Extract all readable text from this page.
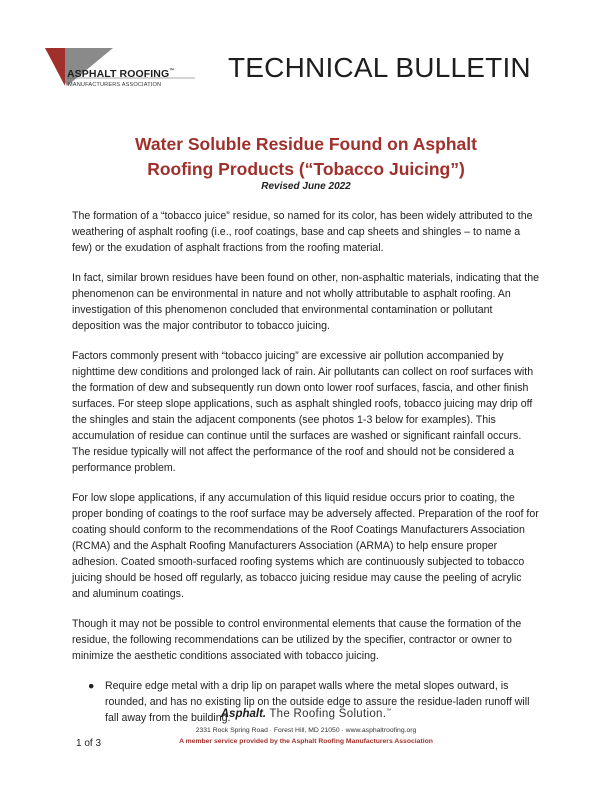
ASPHALT ROOFING™
MANUFACTURERS ASSOCIATION
TECHNICAL BULLETIN
Water Soluble Residue Found on Asphalt
Roofing Products (“Tobacco Juicing”)
Revised June 2022

The formation of a “tobacco juice” residue, so named for its color, has been widely attributed to the weathering of asphalt roofing (i.e., roof coatings, base and cap sheets and shingles – to name a few) or the exudation of asphalt fractions from the roofing material.

In fact, similar brown residues have been found on other, non-asphaltic materials, indicating that the phenomenon can be environmental in nature and not wholly attributable to asphalt roofing. An investigation of this phenomenon concluded that environmental contamination or pollutant deposition was the major contributor to tobacco juicing.

Factors commonly present with “tobacco juicing” are excessive air pollution accompanied by nighttime dew conditions and prolonged lack of rain. Air pollutants can collect on roof surfaces with the formation of dew and subsequently run down onto lower roof surfaces, fascia, and other finish surfaces. For steep slope applications, such as asphalt shingled roofs, tobacco juicing may drip off the shingles and stain the adjacent components (see photos 1-3 below for examples). This accumulation of residue can continue until the surfaces are washed or significant rainfall occurs. The residue typically will not affect the performance of the roof and should not be considered a performance problem.

For low slope applications, if any accumulation of this liquid residue occurs prior to coating, the proper bonding of coatings to the roof surface may be adversely affected. Preparation of the roof for coating should conform to the recommendations of the Roof Coatings Manufacturers Association (RCMA) and the Asphalt Roofing Manufacturers Association (ARMA) to help ensure proper adhesion. Coated smooth-surfaced roofing systems which are continuously subjected to tobacco juicing should be hosed off regularly, as tobacco juicing residue may cause the peeling of acrylic and aluminum coatings.

Though it may not be possible to control environmental elements that cause the formation of the residue, the following recommendations can be utilized by the specifier, contractor or owner to minimize the aesthetic conditions associated with tobacco juicing.

● Require edge metal with a drip lip on parapet walls where the metal slopes outward, is rounded, and has no existing lip on the outside edge to assure the residue-laden runoff will fall away from the building.
Asphalt. The Roofing Solution.™
2331 Rock Spring Road · Forest Hill, MD 21050 · www.asphaltroofing.org
1 of 3	A member service provided by the Asphalt Roofing Manufacturers Association
